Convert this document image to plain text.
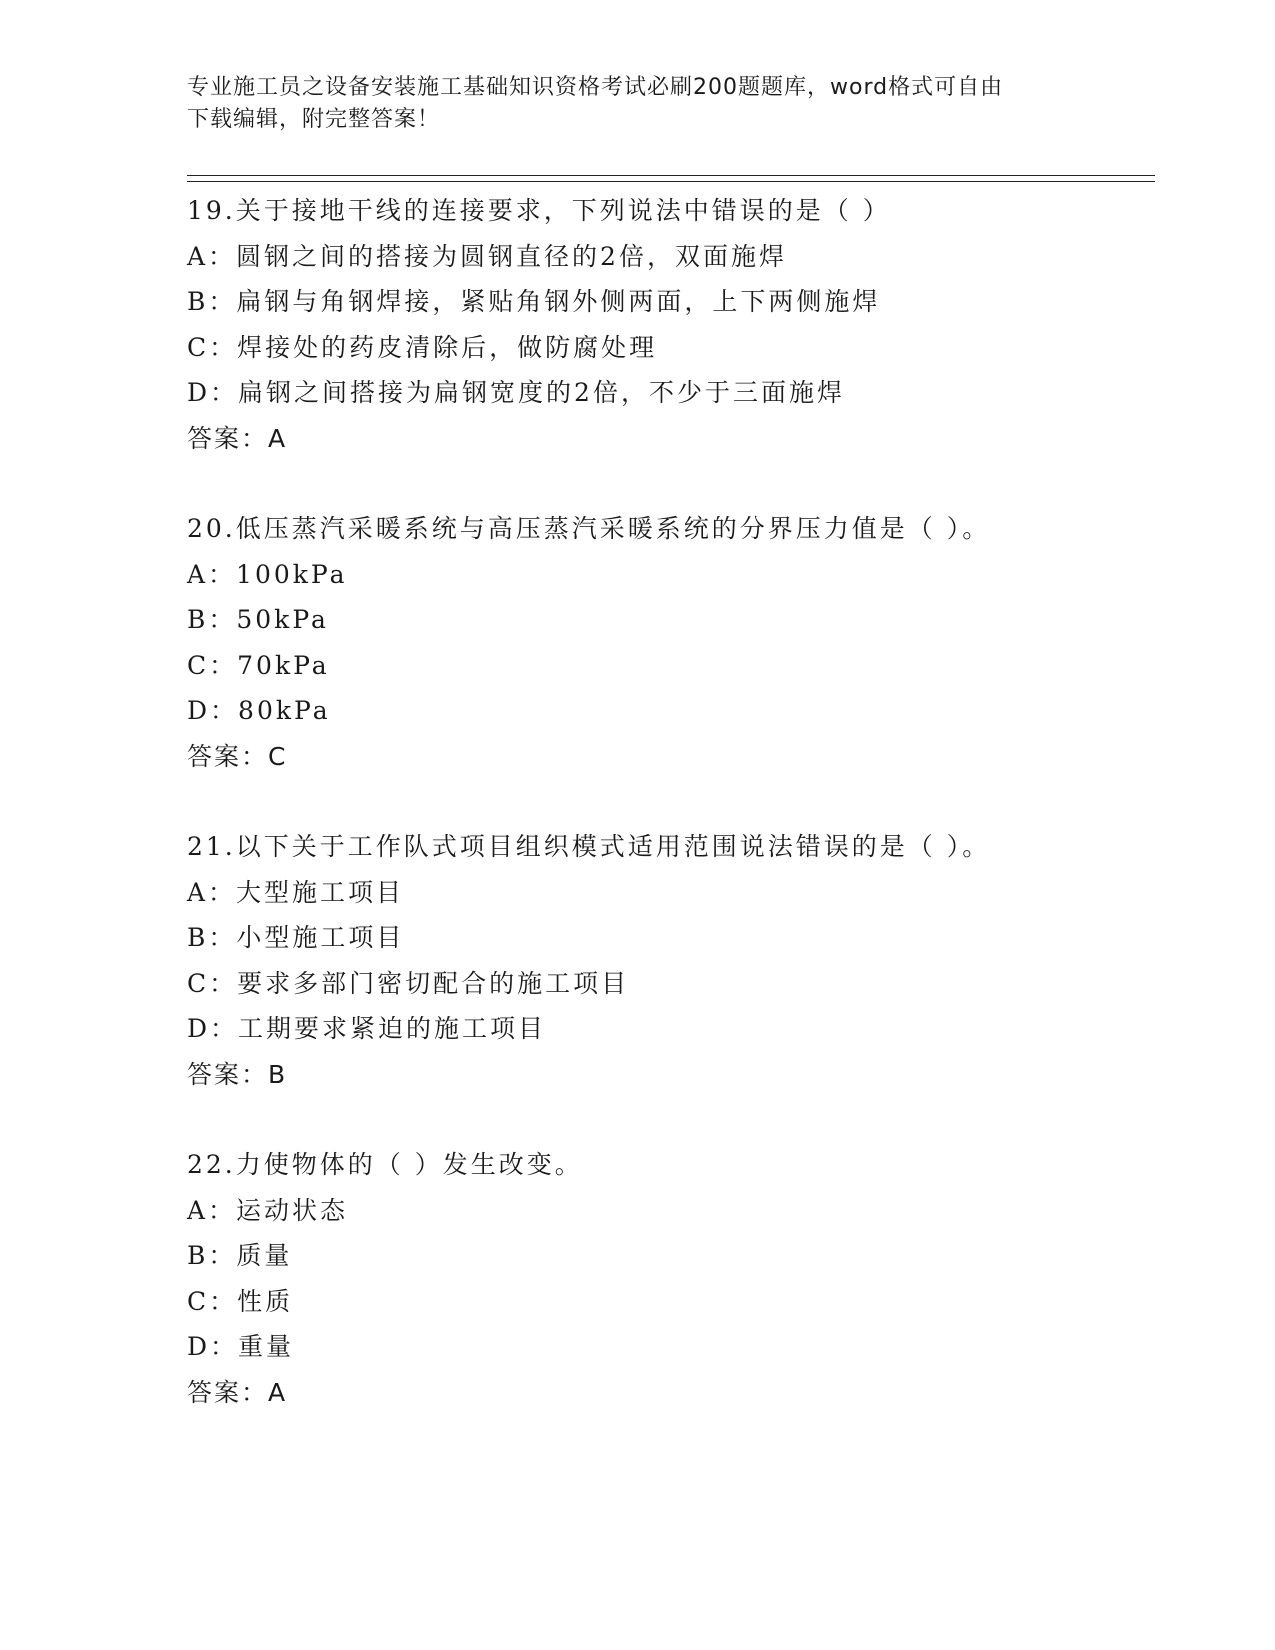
专业施工员之设备安装施工基础知识资格考试必刷200题题库，word格式可自由
下载编辑，附完整答案！
19.关于接地干线的连接要求，下列说法中错误的是（ ）
A：圆钢之间的搭接为圆钢直径的2倍，双面施焊
B：扁钢与角钢焊接，紧贴角钢外侧两面，上下两侧施焊
C：焊接处的药皮清除后，做防腐处理
D：扁钢之间搭接为扁钢宽度的2倍，不少于三面施焊
答案：A
20.低压蒸汽采暖系统与高压蒸汽采暖系统的分界压力值是（ ）。
A：100kPa
B：50kPa
C：70kPa
D：80kPa
答案：C
21.以下关于工作队式项目组织模式适用范围说法错误的是（ ）。
A：大型施工项目
B：小型施工项目
C：要求多部门密切配合的施工项目
D：工期要求紧迫的施工项目
答案：B
22.力使物体的（ ）发生改变。
A：运动状态
B：质量
C：性质
D：重量
答案：A
